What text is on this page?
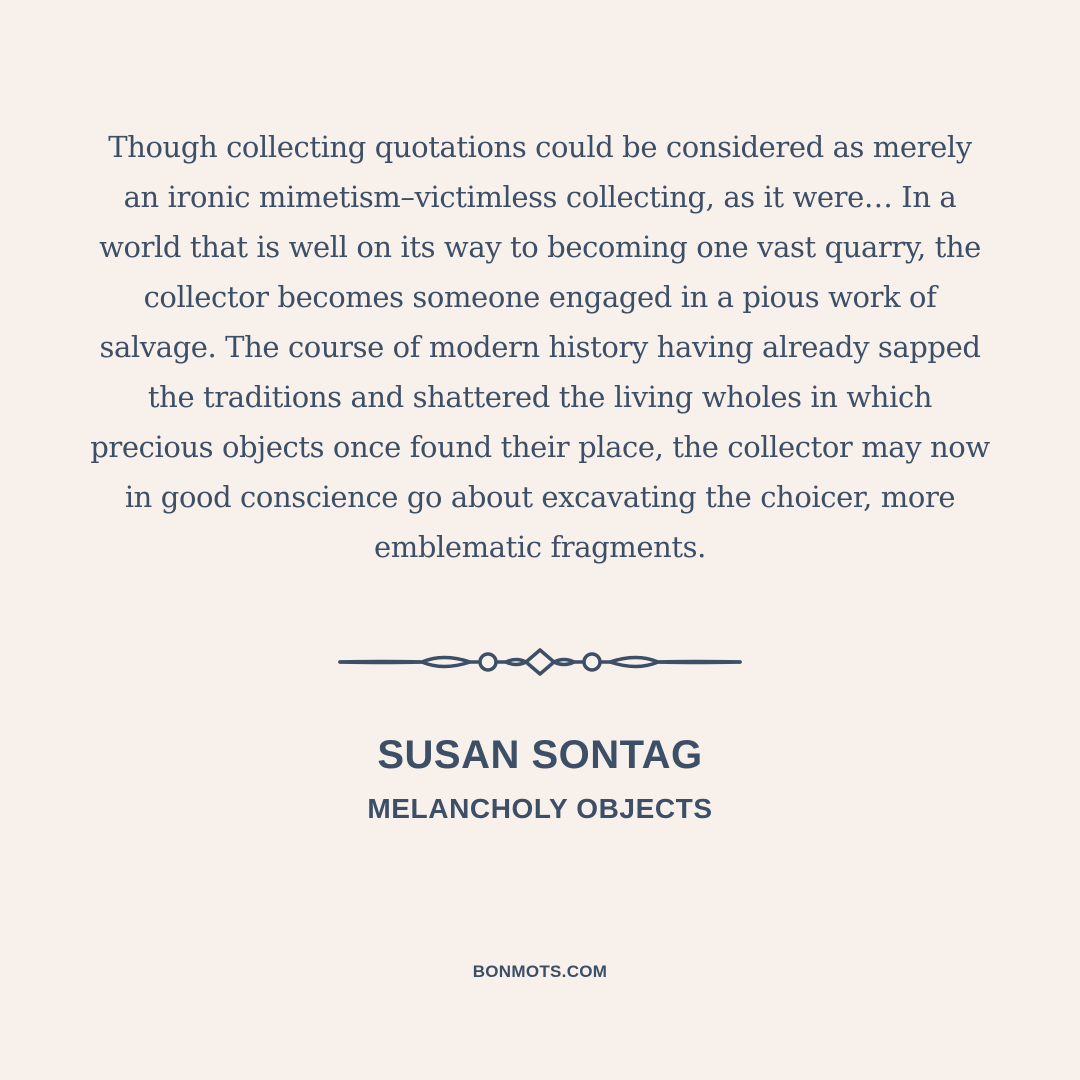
Though collecting quotations could be considered as merely an ironic mimetism–victimless collecting, as it were… In a world that is well on its way to becoming one vast quarry, the collector becomes someone engaged in a pious work of salvage. The course of modern history having already sapped the traditions and shattered the living wholes in which precious objects once found their place, the collector may now in good conscience go about excavating the choicer, more emblematic fragments.

SUSAN SONTAG
MELANCHOLY OBJECTS
BONMOTS.COM
